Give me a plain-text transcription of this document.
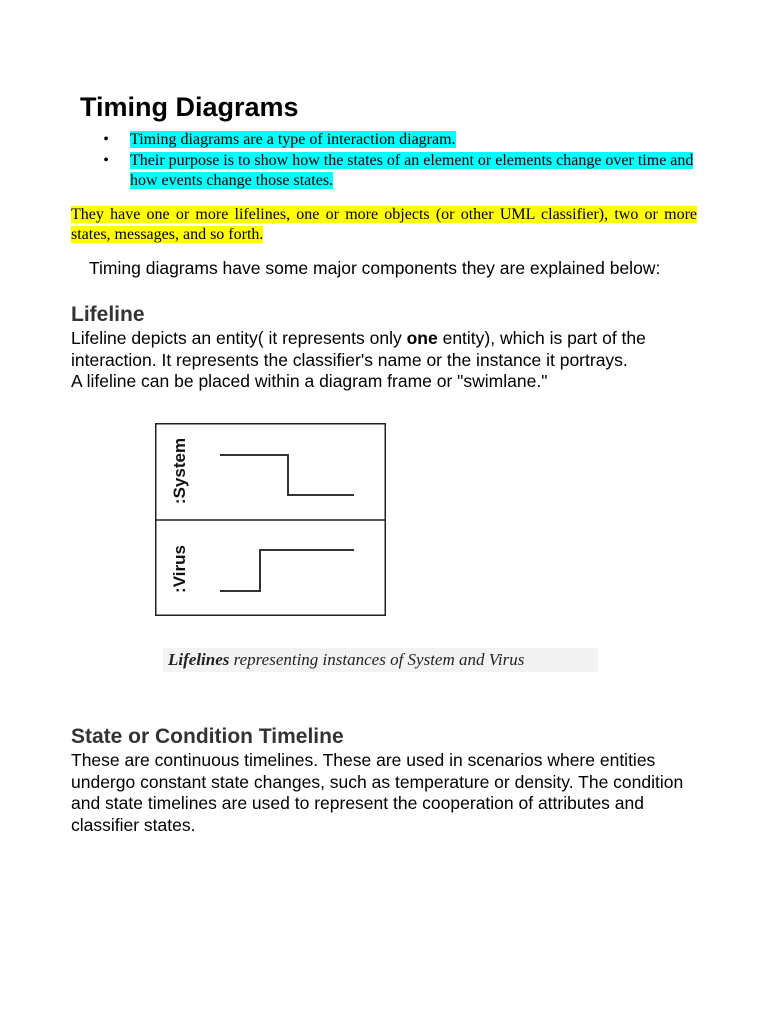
Timing Diagrams
• Timing diagrams are a type of interaction diagram.
• Their purpose is to show how the states of an element or elements change over time and how events change those states.

They have one or more lifelines, one or more objects (or other UML classifier), two or more states, messages, and so forth.

Timing diagrams have some major components they are explained below:

Lifeline
Lifeline depicts an entity( it represents only one entity), which is part of the interaction. It represents the classifier's name or the instance it portrays.
A lifeline can be placed within a diagram frame or "swimlane."
:System
:Virus
Lifelines representing instances of System and Virus
State or Condition Timeline

These are continuous timelines. These are used in scenarios where entities undergo constant state changes, such as temperature or density. The condition and state timelines are used to represent the cooperation of attributes and classifier states.
